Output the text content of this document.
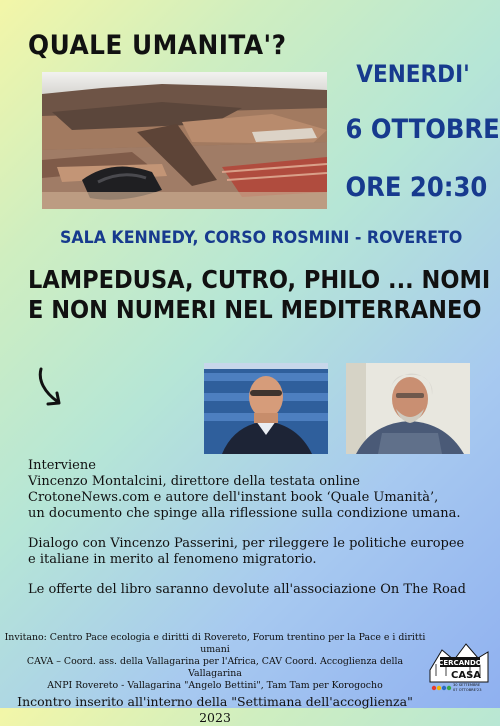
QUALE UMANITA'?
VENERDI'
6 OTTOBRE
ORE 20:30
SALA KENNEDY, CORSO ROSMINI - ROVERETO
LAMPEDUSA, CUTRO, PHILO ... NOMI
E NON NUMERI NEL MEDITERRANEO

Interviene

Vincenzo Montalcini, direttore della testata online

CrotoneNews.com e autore dell'instant book ‘Quale Umanità’,

un documento che spinge alla riflessione sulla condizione umana.

Dialogo con Vincenzo Passerini, per rileggere le politiche europee

e italiane in merito al fenomeno migratorio.

Le offerte del libro saranno devolute all'associazione On The Road

Invitano: Centro Pace ecologia e diritti di Rovereto, Forum trentino per la Pace e i diritti umani
CAVA – Coord. ass. della Vallagarina per l'Africa, CAV Coord. Accoglienza della Vallagarina
ANPI Rovereto - Vallagarina "Angelo Bettini", Tam Tam per Korogocho
Incontro inserito all'interno della "Settimana dell'accoglienza" 2023
CERCANDO
CASA
30 SETTEMBRE
07 OTTOBRE'23
